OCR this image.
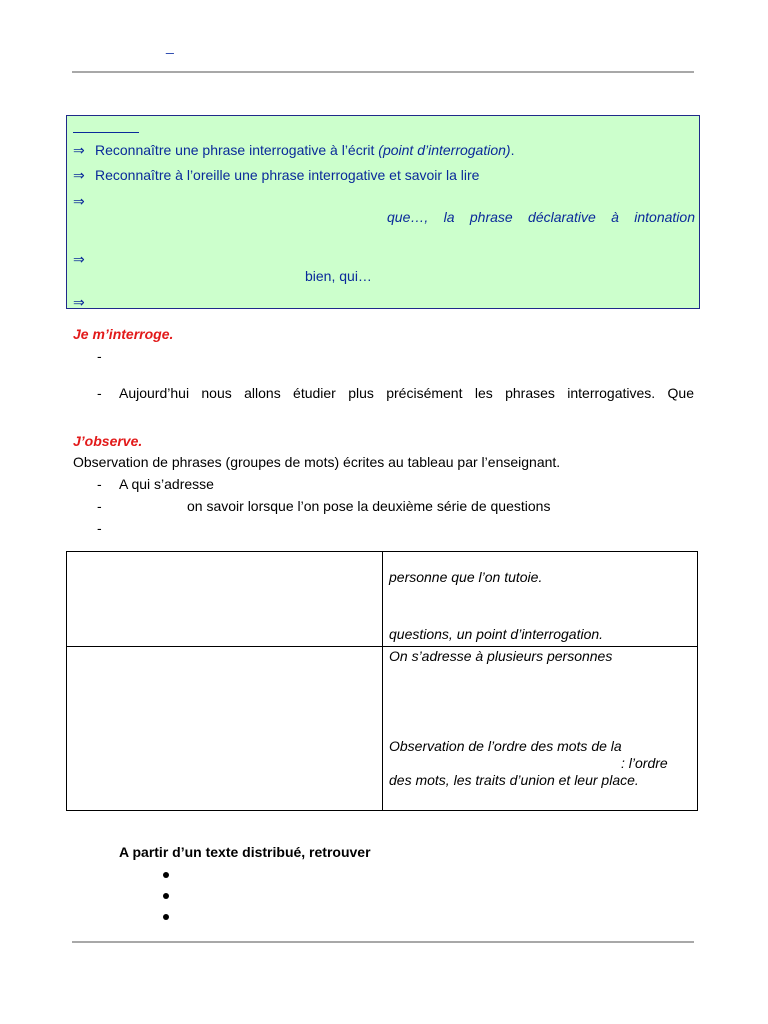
_
⇒ Reconnaître une phrase interrogative à l’écrit (point d’interrogation).
⇒ Reconnaître à l’oreille une phrase interrogative et savoir la lire
⇒
que…, la phrase déclarative à intonation
⇒
bien, qui…
⇒
Je m’interroge.
-
- Aujourd’hui nous allons étudier plus précisément les phrases interrogatives. Que
J’observe.
Observation de phrases (groupes de mots) écrites au tableau par l’enseignant.
- A qui s’adresse
-	on savoir lorsque l’on pose la deuxième série de questions
-

	personne que l’on tutoie.
questions, un point d’interrogation.

	On s’adresse à plusieurs personnes
Observation de l’ordre des mots de la
: l’ordre
des mots, les traits d’union et leur place.
A partir d’un texte distribué, retrouver
